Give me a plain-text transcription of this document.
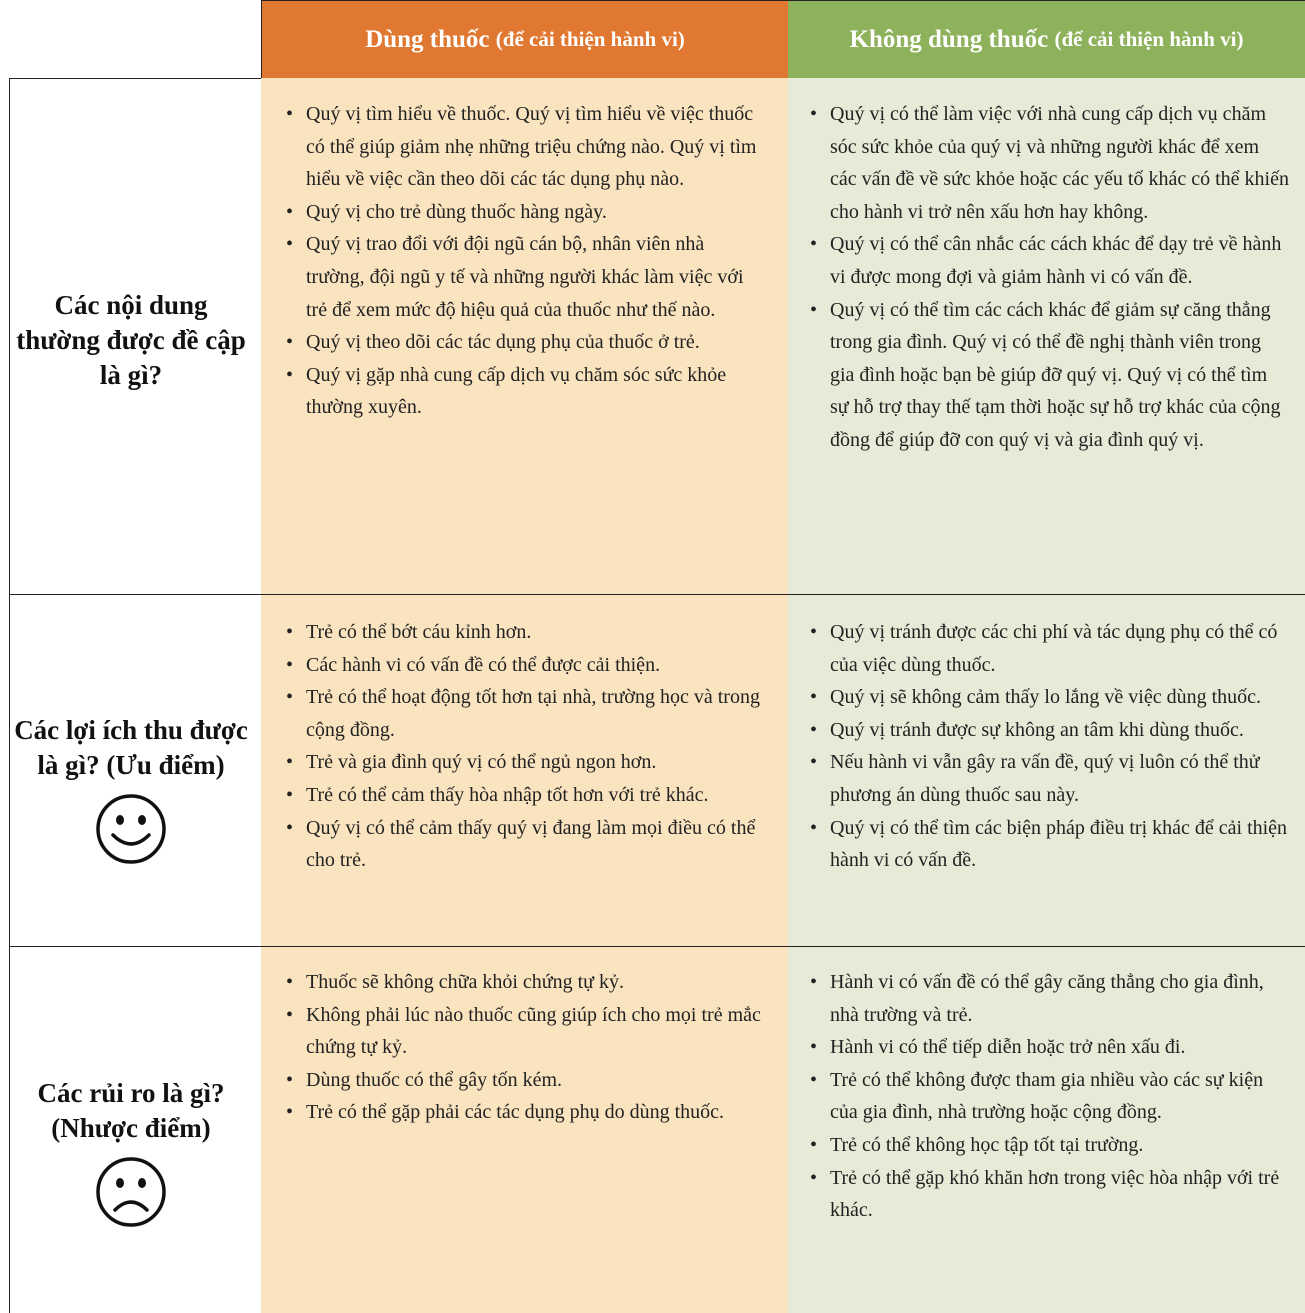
Dùng thuốc
(để cải thiện hành vi)	Không dùng thuốc
(để cải thiện hành vi)
Các nội dung thường được đề cập là gì?
• Quý vị tìm hiểu về thuốc. Quý vị tìm hiểu về việc thuốc có thể giúp giảm nhẹ những triệu chứng nào. Quý vị tìm hiểu về việc cần theo dõi các tác dụng phụ nào.
• Quý vị cho trẻ dùng thuốc hàng ngày.
• Quý vị trao đổi với đội ngũ cán bộ, nhân viên nhà trường, đội ngũ y tế và những người khác làm việc với trẻ để xem mức độ hiệu quả của thuốc như thế nào.
• Quý vị theo dõi các tác dụng phụ của thuốc ở trẻ.
• Quý vị gặp nhà cung cấp dịch vụ chăm sóc sức khỏe thường xuyên.
• Quý vị có thể làm việc với nhà cung cấp dịch vụ chăm sóc sức khỏe của quý vị và những người khác để xem các vấn đề về sức khỏe hoặc các yếu tố khác có thể khiến cho hành vi trở nên xấu hơn hay không.
• Quý vị có thể cân nhắc các cách khác để dạy trẻ về hành vi được mong đợi và giảm hành vi có vấn đề.
• Quý vị có thể tìm các cách khác để giảm sự căng thẳng trong gia đình. Quý vị có thể đề nghị thành viên trong gia đình hoặc bạn bè giúp đỡ quý vị. Quý vị có thể tìm sự hỗ trợ thay thế tạm thời hoặc sự hỗ trợ khác của cộng đồng để giúp đỡ con quý vị và gia đình quý vị.
Các lợi ích thu được là gì? (Ưu điểm)
• Trẻ có thể bớt cáu kỉnh hơn.
• Các hành vi có vấn đề có thể được cải thiện.
• Trẻ có thể hoạt động tốt hơn tại nhà, trường học và trong cộng đồng.
• Trẻ và gia đình quý vị có thể ngủ ngon hơn.
• Trẻ có thể cảm thấy hòa nhập tốt hơn với trẻ khác.
• Quý vị có thể cảm thấy quý vị đang làm mọi điều có thể cho trẻ.
• Quý vị tránh được các chi phí và tác dụng phụ có thể có của việc dùng thuốc.
• Quý vị sẽ không cảm thấy lo lắng về việc dùng thuốc.
• Quý vị tránh được sự không an tâm khi dùng thuốc.
• Nếu hành vi vẫn gây ra vấn đề, quý vị luôn có thể thử phương án dùng thuốc sau này.
• Quý vị có thể tìm các biện pháp điều trị khác để cải thiện hành vi có vấn đề.
Các rủi ro là gì? (Nhược điểm)
• Thuốc sẽ không chữa khỏi chứng tự kỷ.
• Không phải lúc nào thuốc cũng giúp ích cho mọi trẻ mắc chứng tự kỷ.
• Dùng thuốc có thể gây tốn kém.
• Trẻ có thể gặp phải các tác dụng phụ do dùng thuốc.
• Hành vi có vấn đề có thể gây căng thẳng cho gia đình, nhà trường và trẻ.
• Hành vi có thể tiếp diễn hoặc trở nên xấu đi.
• Trẻ có thể không được tham gia nhiều vào các sự kiện của gia đình, nhà trường hoặc cộng đồng.
• Trẻ có thể không học tập tốt tại trường.
• Trẻ có thể gặp khó khăn hơn trong việc hòa nhập với trẻ khác.
